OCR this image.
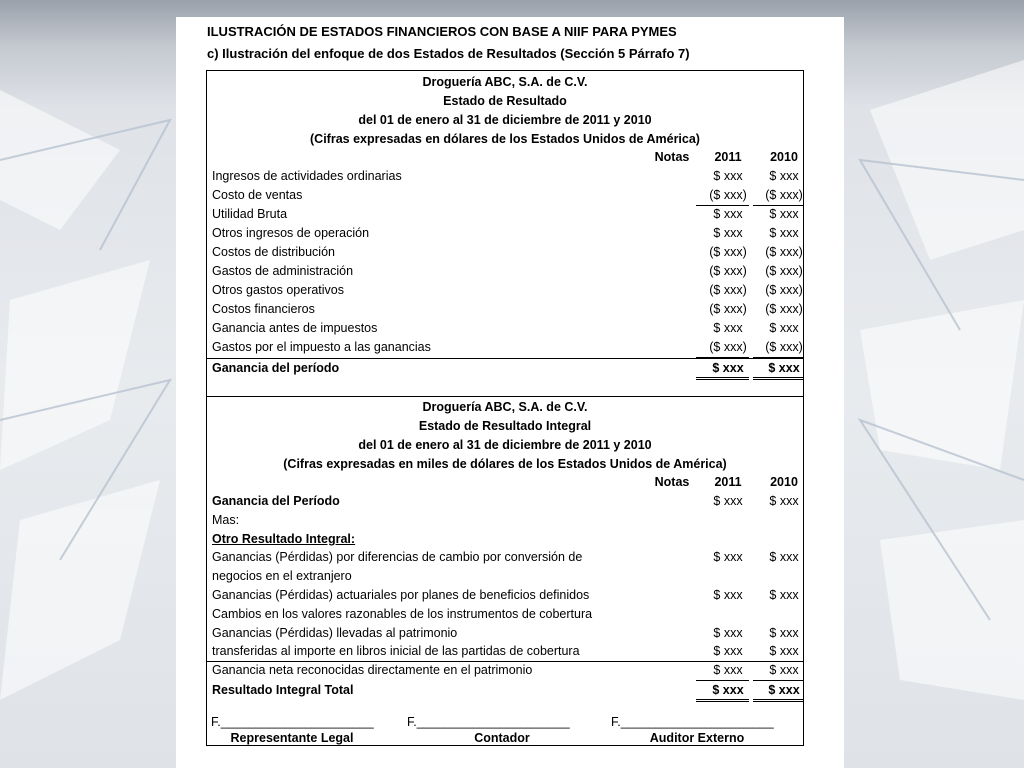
ILUSTRACIÓN DE ESTADOS FINANCIEROS CON BASE A NIIF PARA PYMES
c) Ilustración del enfoque de dos Estados de Resultados (Sección 5 Párrafo 7)
Droguería ABC, S.A. de C.V.
Estado de Resultado
del 01 de enero al 31 de diciembre de 2011 y 2010
(Cifras expresadas en dólares de los Estados Unidos de América)
Notas	2011	2010
Ingresos de actividades ordinarias	$ xxx	$ xxx
Costo de ventas	($ xxx)	($ xxx)
Utilidad Bruta	$ xxx	$ xxx
Otros ingresos de operación	$ xxx	$ xxx
Costos de distribución	($ xxx)	($ xxx)
Gastos de administración	($ xxx)	($ xxx)
Otros gastos operativos	($ xxx)	($ xxx)
Costos financieros	($ xxx)	($ xxx)
Ganancia antes de impuestos	$ xxx	$ xxx
Gastos por el impuesto a las ganancias	($ xxx)	($ xxx)
Ganancia del período	$ xxx	$ xxx
Droguería ABC, S.A. de C.V.
Estado de Resultado Integral
del 01 de enero al 31 de diciembre de 2011 y 2010
(Cifras expresadas en miles de dólares de los Estados Unidos de América)
Notas	2011	2010
Ganancia del Período	$ xxx	$ xxx
Mas:
Otro Resultado Integral:
Ganancias (Pérdidas) por diferencias de cambio por conversión de	$ xxx	$ xxx
negocios en el extranjero
Ganancias (Pérdidas) actuariales por planes de beneficios definidos	$ xxx	$ xxx
Cambios en los valores razonables de los instrumentos de cobertura
Ganancias (Pérdidas) llevadas al patrimonio	$ xxx	$ xxx
transferidas al importe en libros inicial de las partidas de cobertura	$ xxx	$ xxx
Ganancia neta reconocidas directamente en el patrimonio	$ xxx	$ xxx
Resultado Integral Total	$ xxx	$ xxx
F.______________________	F.______________________	F.______________________
Representante Legal	Contador	Auditor Externo
